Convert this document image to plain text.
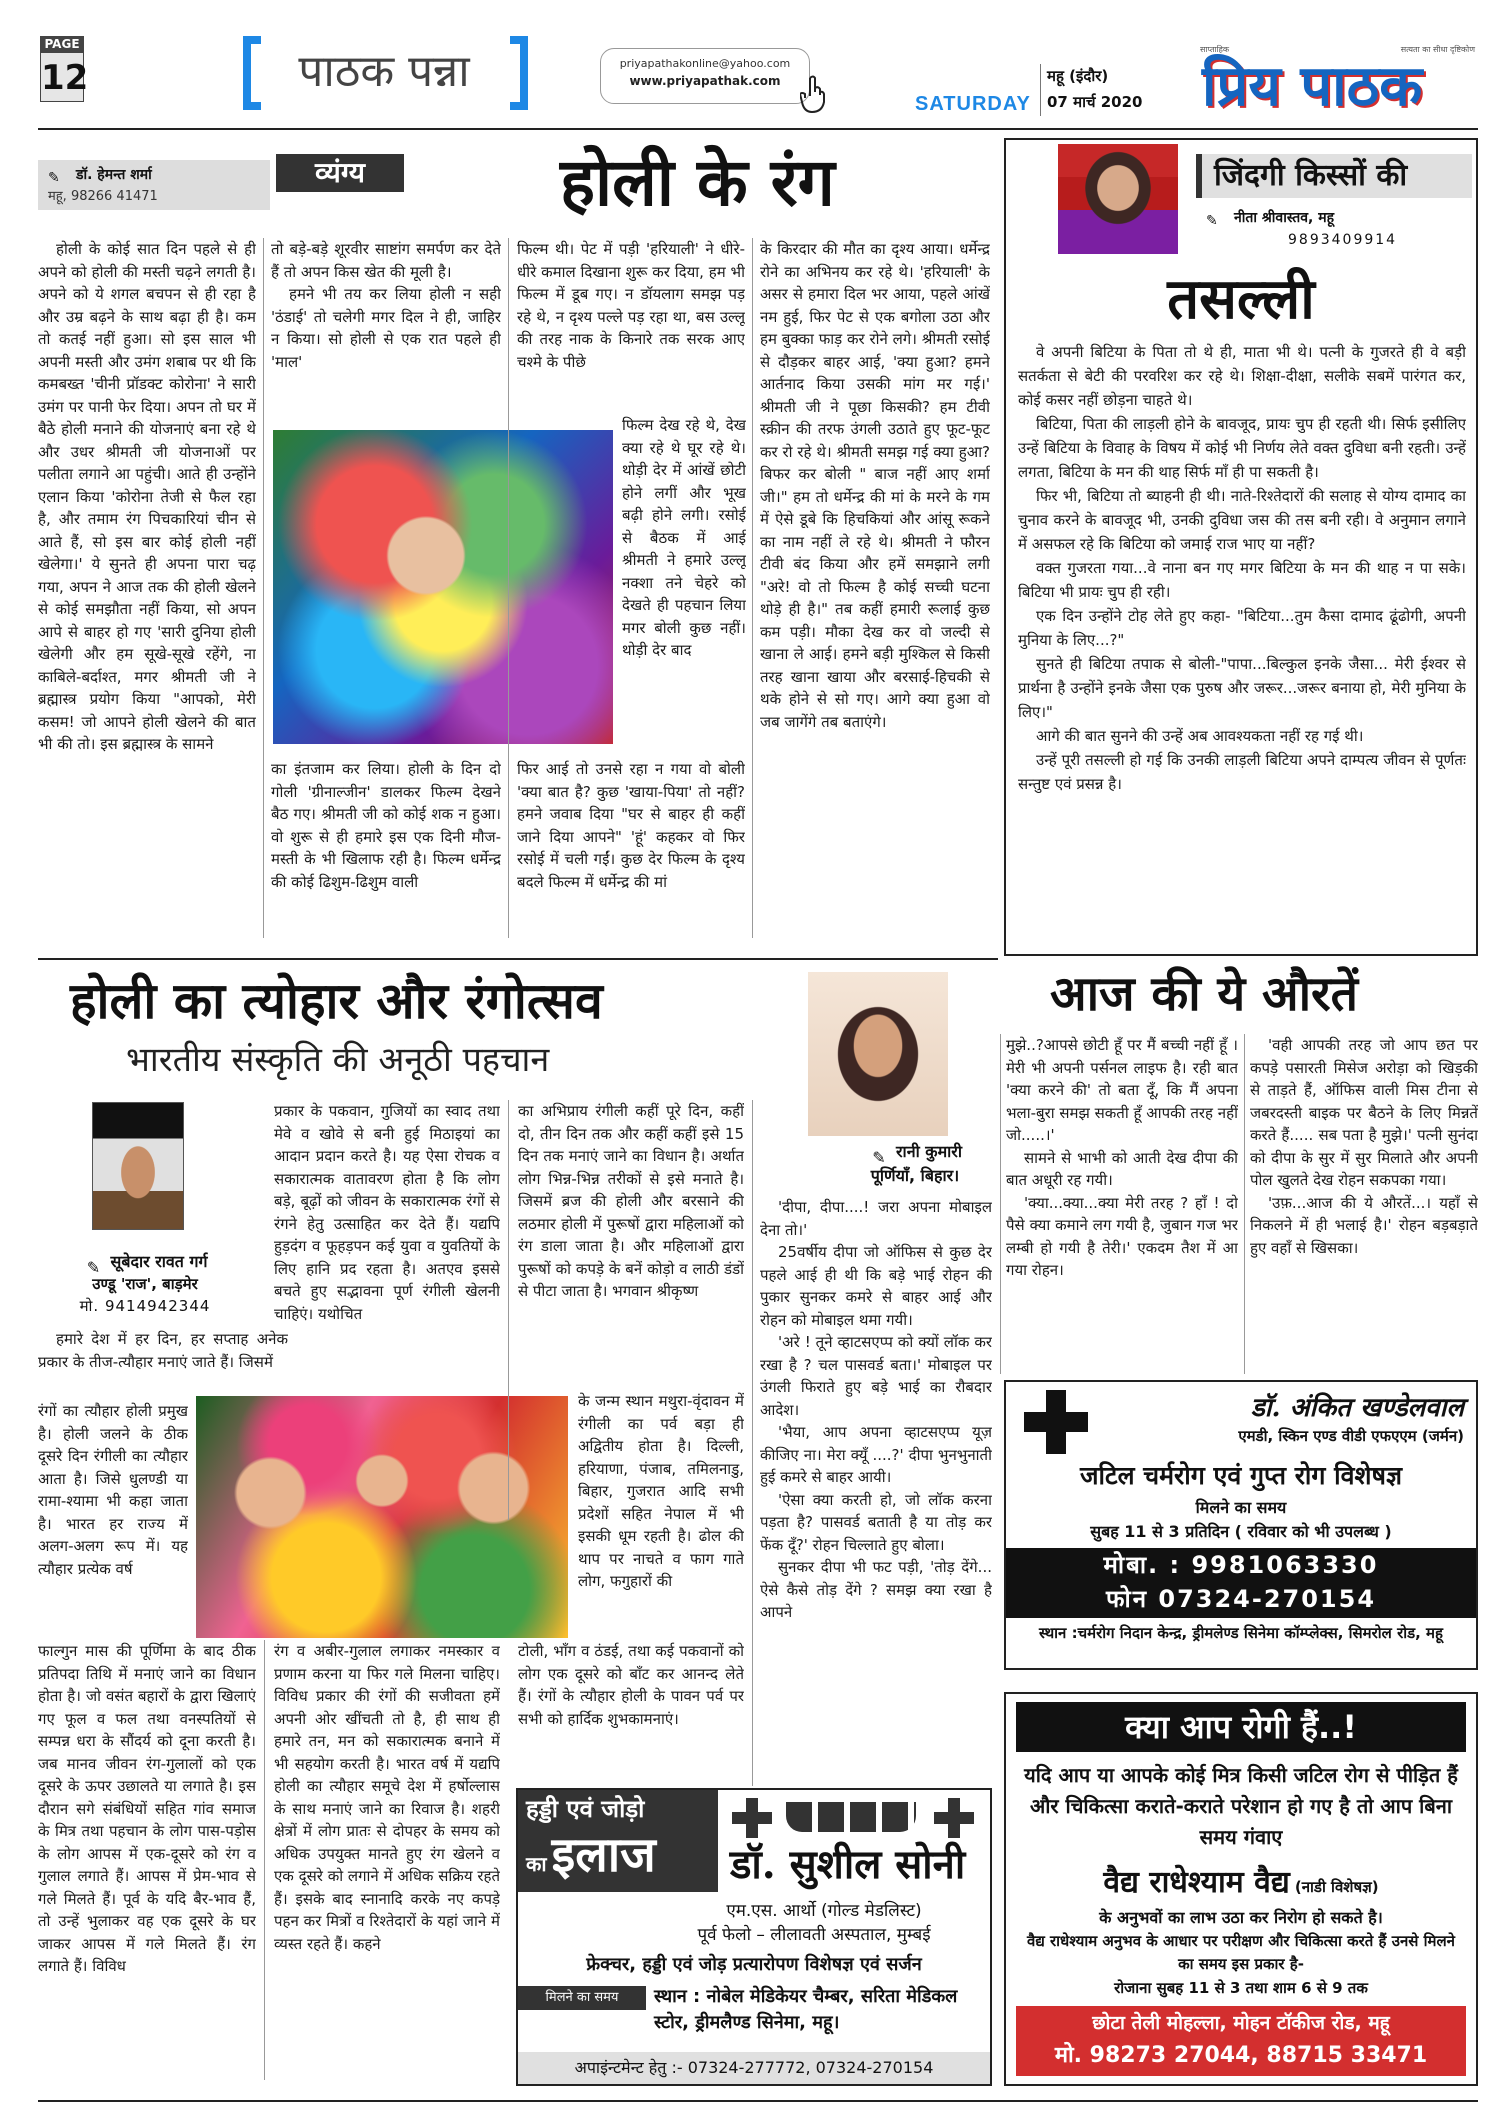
PAGE
12	पाठक पन्ना	priyapathakonline@yahoo.com
www.priyapathak.com
SATURDAY
महू (इंदौर)
07 मार्च 2020
साप्ताहिक	सत्यता का सीधा दृष्टिकोण
प्रिय पाठक
✎ डॉ. हेमन्त शर्मा
महू, 98266 41471
व्यंग्य	होली के रंग

होली के कोई सात दिन पहले से ही अपने को होली की मस्ती चढ़ने लगती है। अपने को ये शगल बचपन से ही रहा है और उम्र बढ़ने के साथ बढ़ा ही है। कम तो कतई नहीं हुआ। सो इस साल भी अपनी मस्ती और उमंग शबाब पर थी कि कमबख्त 'चीनी प्रॉडक्ट कोरोना' ने सारी उमंग पर पानी फेर दिया। अपन तो घर में बैठे होली मनाने की योजनाएं बना रहे थे और उधर श्रीमती जी योजनाओं पर पलीता लगाने आ पहुंची। आते ही उन्होंने एलान किया 'कोरोना तेजी से फैल रहा है, और तमाम रंग पिचकारियां चीन से आते हैं, सो इस बार कोई होली नहीं खेलेगा।' ये सुनते ही अपना पारा चढ़ गया, अपन ने आज तक की होली खेलने से कोई समझौता नहीं किया, सो अपन आपे से बाहर हो गए 'सारी दुनिया होली खेलेगी और हम सूखे-सूखे रहेंगे, ना काबिले-बर्दाश्त, मगर श्रीमती जी ने ब्रह्मास्त्र प्रयोग किया "आपको, मेरी कसम! जो आपने होली खेलने की बात भी की तो। इस ब्रह्मास्त्र के सामने

तो बड़े-बड़े शूरवीर साष्टांग समर्पण कर देते हैं तो अपन किस खेत की मूली है।

हमने भी तय कर लिया होली न सही 'ठंडाई' तो चलेगी मगर दिल ने ही, जाहिर न किया। सो होली से एक रात पहले ही 'माल'

का इंतजाम कर लिया। होली के दिन दो गोली 'ग्रीनाल्जीन' डालकर फिल्म देखने बैठ गए। श्रीमती जी को कोई शक न हुआ। वो शुरू से ही हमारे इस एक दिनी मौज-मस्ती के भी खिलाफ रही है। फिल्म धर्मेन्द्र की कोई ढिशुम-ढिशुम वाली

फिल्म थी। पेट में पड़ी 'हरियाली' ने धीरे-धीरे कमाल दिखाना शुरू कर दिया, हम भी फिल्म में डूब गए। न डॉयलाग समझ पड़ रहे थे, न दृश्य पल्ले पड़ रहा था, बस उल्लू की तरह नाक के किनारे तक सरक आए चश्मे के पीछे

फिल्म देख रहे थे, देख क्या रहे थे घूर रहे थे। थोड़ी देर में आंखें छोटी होने लगीं और भूख बढ़ी होने लगी। रसोई से बैठक में आई श्रीमती ने हमारे उल्लू नक्शा तने चेहरे को देखते ही पहचान लिया मगर बोली कुछ नहीं। थोड़ी देर बाद

फिर आई तो उनसे रहा न गया वो बोली 'क्या बात है? कुछ 'खाया-पिया' तो नहीं? हमने जवाब दिया "घर से बाहर ही कहीं जाने दिया आपने" 'हूं' कहकर वो फिर रसोई में चली गईं। कुछ देर फिल्म के दृश्य बदले फिल्म में धर्मेन्द्र की मां

के किरदार की मौत का दृश्य आया। धर्मेन्द्र रोने का अभिनय कर रहे थे। 'हरियाली' के असर से हमारा दिल भर आया, पहले आंखें नम हुई, फिर पेट से एक बगोला उठा और हम बुक्का फाड़ कर रोने लगे। श्रीमती रसोई से दौड़कर बाहर आई, 'क्या हुआ? हमने आर्तनाद किया उसकी मांग मर गई।' श्रीमती जी ने पूछा किसकी? हम टीवी स्क्रीन की तरफ उंगली उठाते हुए फूट-फूट कर रो रहे थे। श्रीमती समझ गई क्या हुआ? बिफर कर बोली " बाज नहीं आए शर्मा जी।" हम तो धर्मेन्द्र की मां के मरने के गम में ऐसे डूबे कि हिचकियां और आंसू रूकने का नाम नहीं ले रहे थे। श्रीमती ने फौरन टीवी बंद किया और हमें समझाने लगी "अरे! वो तो फिल्म है कोई सच्ची घटना थोड़े ही है।" तब कहीं हमारी रूलाई कुछ कम पड़ी। मौका देख कर वो जल्दी से खाना ले आई। हमने बड़ी मुश्किल से किसी तरह खाना खाया और बरसाई-हिचकी से थके होने से सो गए। आगे क्या हुआ वो जब जागेंगे तब बताएंगे।

जिंदगी किस्सों की
✎ नीता श्रीवास्तव, महू
9893409914
तसल्ली

वे अपनी बिटिया के पिता तो थे ही, माता भी थे। पत्नी के गुजरते ही वे बड़ी सतर्कता से बेटी की परवरिश कर रहे थे। शिक्षा-दीक्षा, सलीके सबमें पारंगत कर, कोई कसर नहीं छोड़ना चाहते थे।

बिटिया, पिता की लाड़ली होने के बावजूद, प्रायः चुप ही रहती थी। सिर्फ इसीलिए उन्हें बिटिया के विवाह के विषय में कोई भी निर्णय लेते वक्त दुविधा बनी रहती। उन्हें लगता, बिटिया के मन की थाह सिर्फ माँ ही पा सकती है।

फिर भी, बिटिया तो ब्याहनी ही थी। नाते-रिश्तेदारों की सलाह से योग्य दामाद का चुनाव करने के बावजूद भी, उनकी दुविधा जस की तस बनी रही। वे अनुमान लगाने में असफल रहे कि बिटिया को जमाई राज भाए या नहीं?

वक्त गुजरता गया...वे नाना बन गए मगर बिटिया के मन की थाह न पा सके। बिटिया भी प्रायः चुप ही रही।

एक दिन उन्होंने टोह लेते हुए कहा- "बिटिया...तुम कैसा दामाद ढूंढोगी, अपनी मुनिया के लिए...?"

सुनते ही बिटिया तपाक से बोली-"पापा...बिल्कुल इनके जैसा... मेरी ईश्वर से प्रार्थना है उन्होंने इनके जैसा एक पुरुष और जरूर...जरूर बनाया हो, मेरी मुनिया के लिए।"

आगे की बात सुनने की उन्हें अब आवश्यकता नहीं रह गई थी।

उन्हें पूरी तसल्ली हो गई कि उनकी लाड़ली बिटिया अपने दाम्पत्य जीवन से पूर्णतः सन्तुष्ट एवं प्रसन्न है।

होली का त्योहार और रंगोत्सव
भारतीय संस्कृति की अनूठी पहचान
✎ सूबेदार रावत गर्ग
उण्डू 'राज', बाड़मेर
मो. 9414942344

हमारे देश में हर दिन, हर सप्ताह अनेक प्रकार के तीज-त्यौहार मनाएं जाते हैं। जिसमें

रंगों का त्यौहार होली प्रमुख है। होली जलने के ठीक दूसरे दिन रंगीली का त्यौहार आता है। जिसे धुलण्डी या रामा-श्यामा भी कहा जाता है। भारत हर राज्य में अलग-अलग रूप में। यह त्यौहार प्रत्येक वर्ष

फाल्गुन मास की पूर्णिमा के बाद ठीक प्रतिपदा तिथि में मनाएं जाने का विधान होता है। जो वसंत बहारों के द्वारा खिलाएं गए फूल व फल तथा वनस्पतियों से सम्पन्न धरा के सौंदर्य को दूना करती है। जब मानव जीवन रंग-गुलालों को एक दूसरे के ऊपर उछालते या लगाते है। इस दौरान सगे संबंधियों सहित गांव समाज के मित्र तथा पहचान के लोग पास-पड़ोस के लोग आपस में एक-दूसरे को रंग व गुलाल लगाते हैं। आपस में प्रेम-भाव से गले मिलते हैं। पूर्व के यदि बैर-भाव हैं, तो उन्हें भुलाकर वह एक दूसरे के घर जाकर आपस में गले मिलते हैं। रंग लगाते हैं। विविध

प्रकार के पकवान, गुजियों का स्वाद तथा मेवे व खोवे से बनी हुई मिठाइयां का आदान प्रदान करते है। यह ऐसा रोचक व सकारात्मक वातावरण होता है कि लोग बड़े, बूढ़ों को जीवन के सकारात्मक रंगों से रंगने हेतु उत्साहित कर देते हैं। यद्यपि हुड़दंग व फूहड़पन कई युवा व युवतियों के लिए हानि प्रद रहता है। अतएव इससे बचते हुए सद्भावना पूर्ण रंगीली खेलनी चाहिएं। यथोचित

रंग व अबीर-गुलाल लगाकर नमस्कार व प्रणाम करना या फिर गले मिलना चाहिए। विविध प्रकार की रंगों की सजीवता हमें अपनी ओर खींचती तो है, ही साथ ही हमारे तन, मन को सकारात्मक बनाने में भी सहयोग करती है। भारत वर्ष में यद्यपि होली का त्यौहार समूचे देश में हर्षोल्लास के साथ मनाएं जाने का रिवाज है। शहरी क्षेत्रों में लोग प्रातः से दोपहर के समय को अधिक उपयुक्त मानते हुए रंग खेलने व एक दूसरे को लगाने में अधिक सक्रिय रहते हैं। इसके बाद स्नानादि करके नए कपड़े पहन कर मित्रों व रिश्तेदारों के यहां जाने में व्यस्त रहते हैं। कहने

का अभिप्राय रंगीली कहीं पूरे दिन, कहीं दो, तीन दिन तक और कहीं कहीं इसे 15 दिन तक मनाएं जाने का विधान है। अर्थात लोग भिन्न-भिन्न तरीकों से इसे मनाते है। जिसमें ब्रज की होली और बरसाने की लठमार होली में पुरूषों द्वारा महिलाओं को रंग डाला जाता है। और महिलाओं द्वारा पुरूषों को कपड़े के बनें कोड़ो व लाठी डंडों से पीटा जाता है। भगवान श्रीकृष्ण

के जन्म स्थान मथुरा-वृंदावन में रंगीली का पर्व बड़ा ही अद्वितीय होता है। दिल्ली, हरियाणा, पंजाब, तमिलनाडु, बिहार, गुजरात आदि सभी प्रदेशों सहित नेपाल में भी इसकी धूम रहती है। ढोल की थाप पर नाचते व फाग गाते लोग, फगुहारों की

टोली, भाँग व ठंडई, तथा कई पकवानों को लोग एक दूसरे को बाँट कर आनन्द लेते हैं। रंगों के त्यौहार होली के पावन पर्व पर सभी को हार्दिक शुभकामनाएं।

हड्डी एवं जोड़ो
का इलाज	डॉ. सुशील सोनी
एम.एस. आर्थो (गोल्ड मेडलिस्ट)
पूर्व फेलो – लीलावती अस्पताल, मुम्बई
फ्रेक्चर, हड्डी एवं जोड़ प्रत्यारोपण विशेषज्ञ एवं सर्जन
मिलने का समय	स्थान : नोबेल मेडिकेयर चैम्बर, सरिता मेडिकल स्टोर, ड्रीमलैण्ड सिनेमा, महू।
अपाइंन्टमेन्ट हेतु :- 07324-277772, 07324-270154
आज की ये औरतें
✎ रानी कुमारी
पूर्णियाँ, बिहार।

'दीपा, दीपा....! जरा अपना मोबाइल देना तो।'

25वर्षीय दीपा जो ऑफिस से कुछ देर पहले आई ही थी कि बड़े भाई रोहन की पुकार सुनकर कमरे से बाहर आई और रोहन को मोबाइल थमा गयी।

'अरे ! तूने व्हाटसएप्प को क्यों लॉक कर रखा है ? चल पासवर्ड बता।' मोबाइल पर उंगली फिराते हुए बड़े भाई का रौबदार आदेश।

'भैया, आप अपना व्हाटसएप्प यूज़ कीजिए ना। मेरा क्यूँ ....?' दीपा भुनभुनाती हुई कमरे से बाहर आयी।

'ऐसा क्या करती हो, जो लॉक करना पड़ता है? पासवर्ड बताती है या तोड़ कर फेंक दूँ?' रोहन चिल्लाते हुए बोला।

सुनकर दीपा भी फट पड़ी, 'तोड़ देंगे... ऐसे कैसे तोड़ देंगे ? समझ क्या रखा है आपने

मुझे..?आपसे छोटी हूँ पर मैं बच्ची नहीं हूँ । मेरी भी अपनी पर्सनल लाइफ है। रही बात 'क्या करने की' तो बता दूँ, कि मैं अपना भला-बुरा समझ सकती हूँ आपकी तरह नहीं जो.....।'

सामने से भाभी को आती देख दीपा की बात अधूरी रह गयी।

'क्या...क्या...क्या मेरी तरह ? हाँ ! दो पैसे क्या कमाने लग गयी है, जुबान गज भर लम्बी हो गयी है तेरी।' एकदम तैश में आ गया रोहन।

'वही आपकी तरह जो आप छत पर कपड़े पसारती मिसेज अरोड़ा को खिड़की से ताड़ते हैं, ऑफिस वाली मिस टीना से जबरदस्ती बाइक पर बैठने के लिए मिन्नतें करते हैं..... सब पता है मुझे।' पत्नी सुनंदा को दीपा के सुर में सुर मिलाते और अपनी पोल खुलते देख रोहन सकपका गया।

'उफ़...आज की ये औरतें...। यहाँ से निकलने में ही भलाई है।' रोहन बड़बड़ाते हुए वहाँ से खिसका।

डॉ. अंकित खण्डेलवाल
एमडी, स्किन एण्ड वीडी एफएएम (जर्मन)
जटिल चर्मरोग एवं गुप्त रोग विशेषज्ञ
मिलने का समय
सुबह 11 से 3 प्रतिदिन ( रविवार को भी उपलब्ध )
मोबा. : 9981063330
फोन 07324-270154
स्थान :चर्मरोग निदान केन्द्र, ड्रीमलेण्ड सिनेमा कॉम्प्लेक्स, सिमरोल रोड, महू
क्या आप रोगी हैं..!
यदि आप या आपके कोई मित्र किसी जटिल रोग से पीड़ित हैं और चिकित्सा कराते-कराते परेशान हो गए है तो आप बिना समय गंवाए
वैद्य राधेश्याम वैद्य (नाडी विशेषज्ञ)
के अनुभवों का लाभ उठा कर निरोग हो सकते है।
वैद्य राधेश्याम अनुभव के आधार पर परीक्षण और चिकित्सा करते हैं उनसे मिलने का समय इस प्रकार है-
रोजाना सुबह 11 से 3 तथा शाम 6 से 9 तक
छोटा तेली मोहल्ला, मोहन टॉकीज रोड, महू
मो. 98273 27044, 88715 33471
